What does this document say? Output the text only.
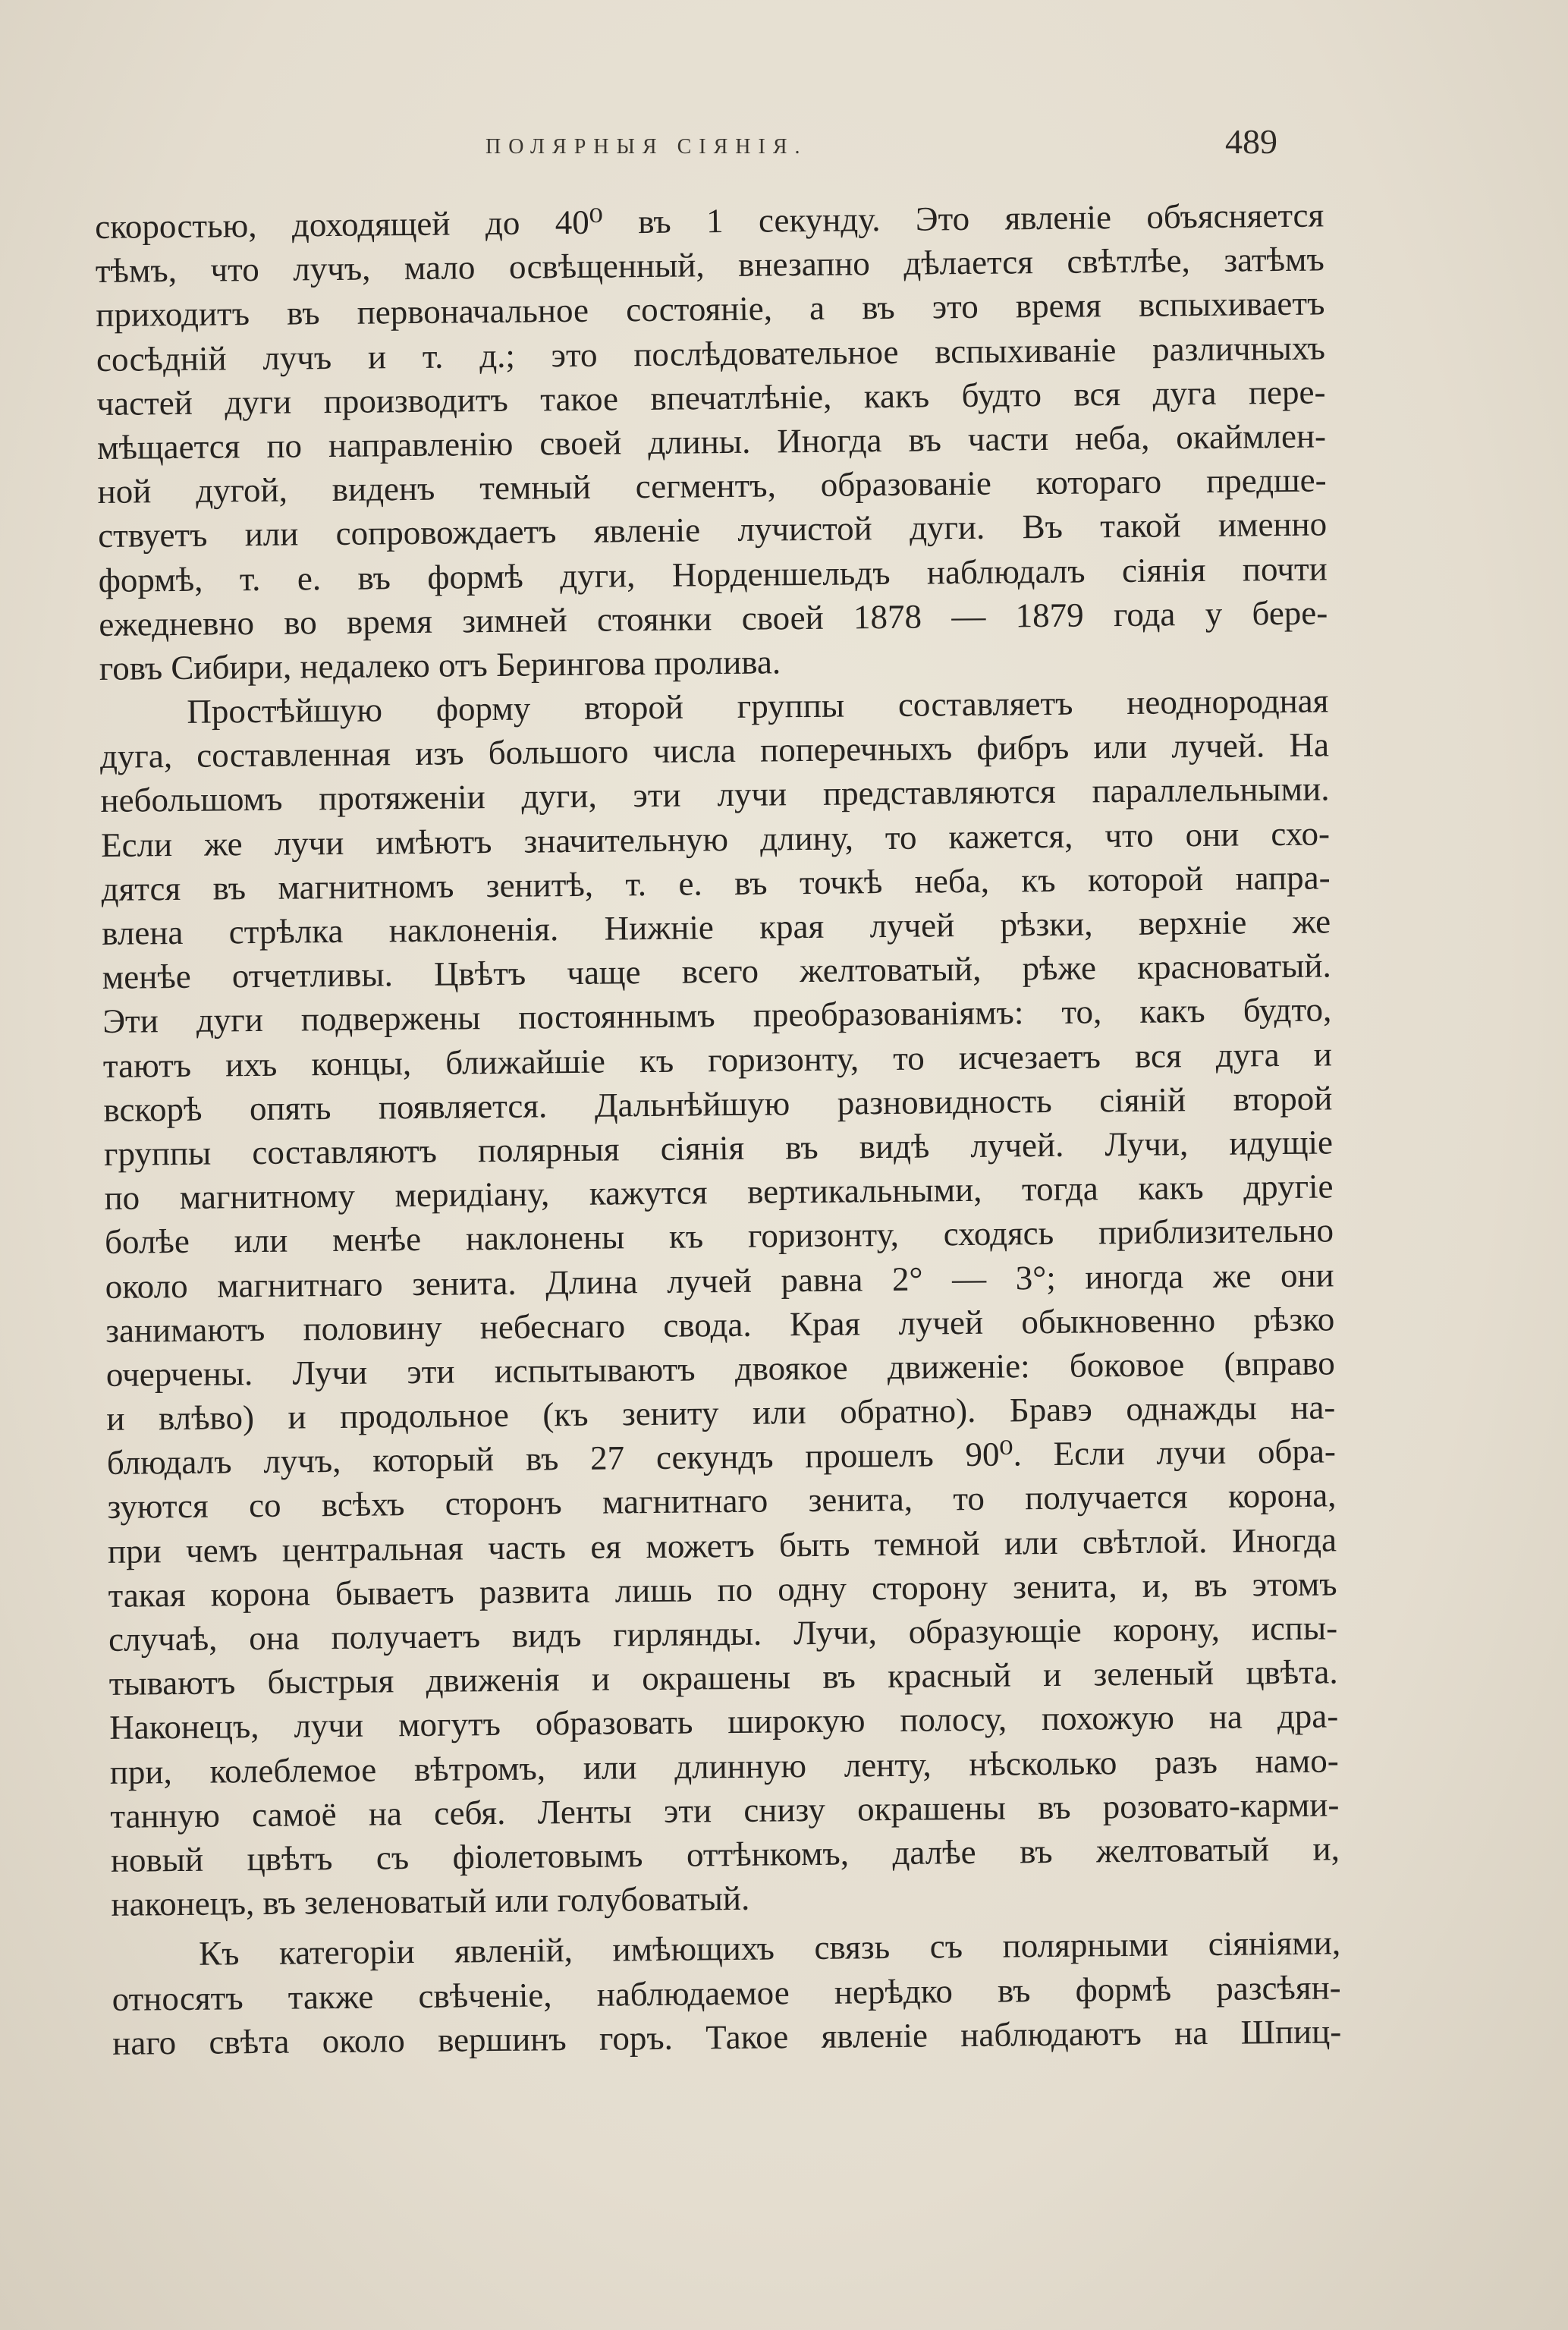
ПОЛЯРНЫЯ СІЯНІЯ.	489
скоростью, доходящей до 40⁰ въ 1 секунду. Это явленіе объясняется
тѣмъ, что лучъ, мало освѣщенный, внезапно дѣлается свѣтлѣе, затѣмъ
приходитъ въ первоначальное состояніе, а въ это время вспыхиваетъ
сосѣдній лучъ и т. д.; это послѣдовательное вспыхиваніе различныхъ
частей дуги производитъ такое впечатлѣніе, какъ будто вся дуга пере-
мѣщается по направленію своей длины. Иногда въ части неба, окаймлен-
ной дугой, виденъ темный сегментъ, образованіе котораго предше-
ствуетъ или сопровождаетъ явленіе лучистой дуги. Въ такой именно
формѣ, т. е. въ формѣ дуги, Норденшельдъ наблюдалъ сіянія почти
ежедневно во время зимней стоянки своей 1878 — 1879 года у бере-
говъ Сибири, недалеко отъ Берингова пролива.
Простѣйшую форму второй группы составляетъ неоднородная
дуга, составленная изъ большого числа поперечныхъ фибръ или лучей. На
небольшомъ протяженіи дуги, эти лучи представляются параллельными.
Если же лучи имѣютъ значительную длину, то кажется, что они схо-
дятся въ магнитномъ зенитѣ, т. е. въ точкѣ неба, къ которой напра-
влена стрѣлка наклоненія. Нижніе края лучей рѣзки, верхніе же
менѣе отчетливы. Цвѣтъ чаще всего желтоватый, рѣже красноватый.
Эти дуги подвержены постояннымъ преобразованіямъ: то, какъ будто,
таютъ ихъ концы, ближайшіе къ горизонту, то исчезаетъ вся дуга и
вскорѣ опять появляется. Дальнѣйшую разновидность сіяній второй
группы составляютъ полярныя сіянія въ видѣ лучей. Лучи, идущіе
по магнитному меридіану, кажутся вертикальными, тогда какъ другіе
болѣе или менѣе наклонены къ горизонту, сходясь приблизительно
около магнитнаго зенита. Длина лучей равна 2° — 3°; иногда же они
занимаютъ половину небеснаго свода. Края лучей обыкновенно рѣзко
очерчены. Лучи эти испытываютъ двоякое движеніе: боковое (вправо
и влѣво) и продольное (къ зениту или обратно). Бравэ однажды на-
блюдалъ лучъ, который въ 27 секундъ прошелъ 90⁰. Если лучи обра-
зуются со всѣхъ сторонъ магнитнаго зенита, то получается корона,
при чемъ центральная часть ея можетъ быть темной или свѣтлой. Иногда
такая корона бываетъ развита лишь по одну сторону зенита, и, въ этомъ
случаѣ, она получаетъ видъ гирлянды. Лучи, образующіе корону, испы-
тываютъ быстрыя движенія и окрашены въ красный и зеленый цвѣта.
Наконецъ, лучи могутъ образовать широкую полосу, похожую на дра-
при, колеблемое вѣтромъ, или длинную ленту, нѣсколько разъ намо-
танную самоё на себя. Ленты эти снизу окрашены въ розовато-карми-
новый цвѣтъ съ фіолетовымъ оттѣнкомъ, далѣе въ желтоватый и,
наконецъ, въ зеленоватый или голубоватый.
Къ категоріи явленій, имѣющихъ связь съ полярными сіяніями,
относятъ также свѣченіе, наблюдаемое нерѣдко въ формѣ разсѣян-
наго свѣта около вершинъ горъ. Такое явленіе наблюдаютъ на Шпиц-
